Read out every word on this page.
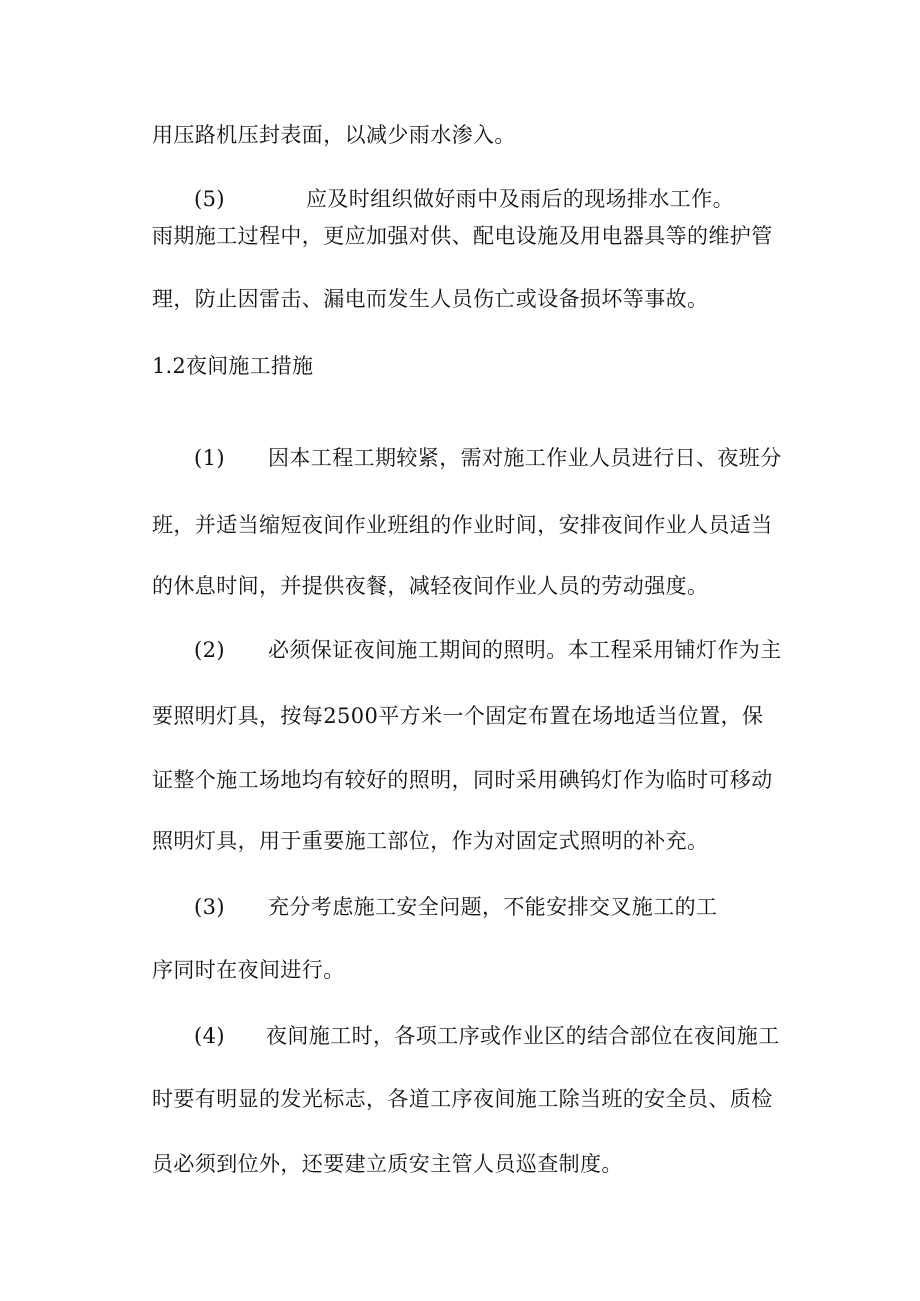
用压路机压封表面，以减少雨水渗入。
(5)	应及时组织做好雨中及雨后的现场排水工作。
雨期施工过程中，更应加强对供、配电设施及用电器具等的维护管
理，防止因雷击、漏电而发生人员伤亡或设备损坏等事故。
1.2夜间施工措施
(1) 因本工程工期较紧，需对施工作业人员进行日、夜班分
班，并适当缩短夜间作业班组的作业时间，安排夜间作业人员适当
的休息时间，并提供夜餐，减轻夜间作业人员的劳动强度。
(2) 必须保证夜间施工期间的照明。本工程采用铺灯作为主
要照明灯具，按每2500平方米一个固定布置在场地适当位置，保
证整个施工场地均有较好的照明，同时采用碘钨灯作为临时可移动
照明灯具，用于重要施工部位，作为对固定式照明的补充。
(3) 充分考虑施工安全问题，不能安排交叉施工的工
序同时在夜间进行。
(4) 夜间施工时，各项工序或作业区的结合部位在夜间施工
时要有明显的发光标志，各道工序夜间施工除当班的安全员、质检
员必须到位外，还要建立质安主管人员巡查制度。
